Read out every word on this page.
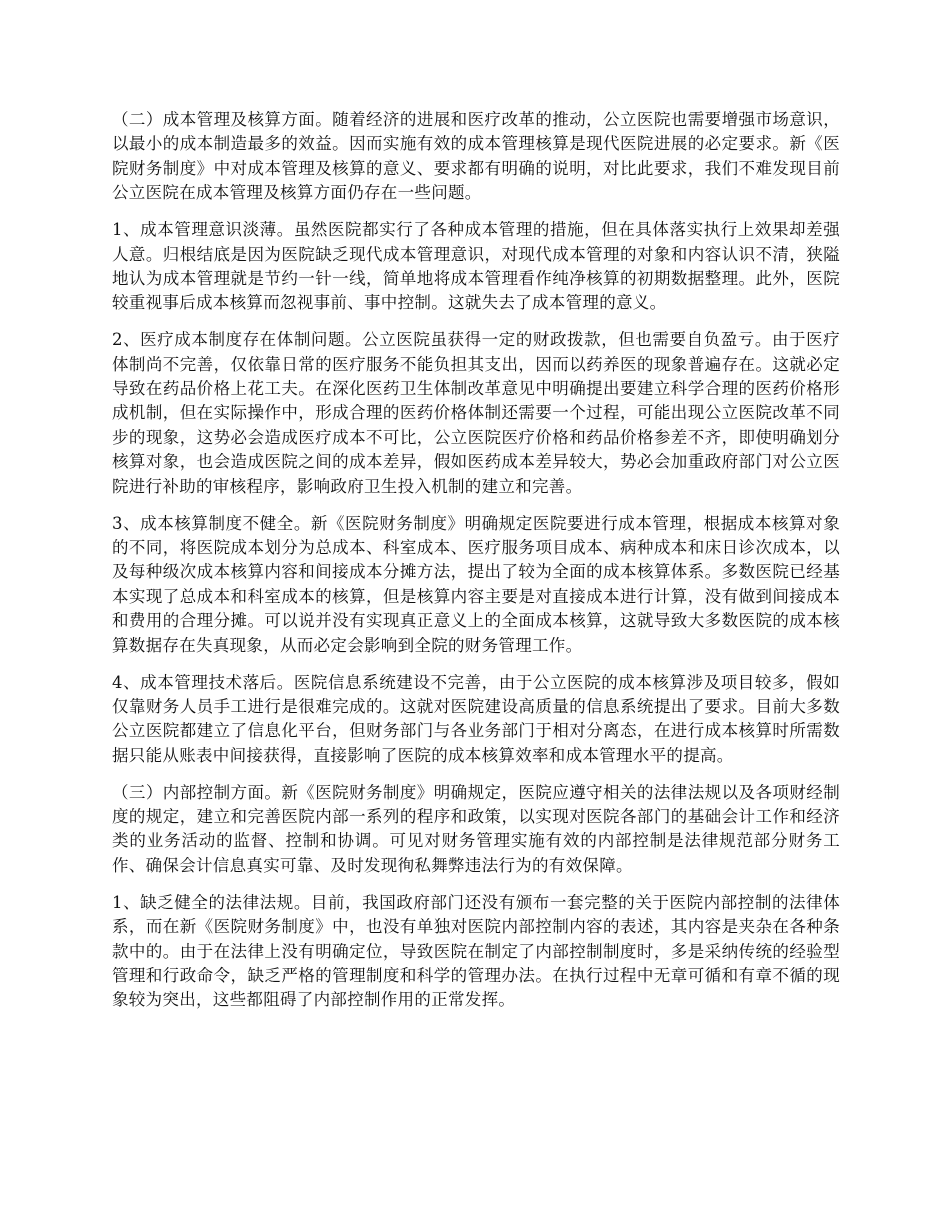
（二）成本管理及核算方面。随着经济的进展和医疗改革的推动，公立医院也需要增强市场意识，以最小的成本制造最多的效益。因而实施有效的成本管理核算是现代医院进展的必定要求。新《医院财务制度》中对成本管理及核算的意义、要求都有明确的说明，对比此要求，我们不难发现目前公立医院在成本管理及核算方面仍存在一些问题。

1、成本管理意识淡薄。虽然医院都实行了各种成本管理的措施，但在具体落实执行上效果却差强人意。归根结底是因为医院缺乏现代成本管理意识，对现代成本管理的对象和内容认识不清，狭隘地认为成本管理就是节约一针一线，简单地将成本管理看作纯净核算的初期数据整理。此外，医院较重视事后成本核算而忽视事前、事中控制。这就失去了成本管理的意义。

2、医疗成本制度存在体制问题。公立医院虽获得一定的财政拨款，但也需要自负盈亏。由于医疗体制尚不完善，仅依靠日常的医疗服务不能负担其支出，因而以药养医的现象普遍存在。这就必定导致在药品价格上花工夫。在深化医药卫生体制改革意见中明确提出要建立科学合理的医药价格形成机制，但在实际操作中，形成合理的医药价格体制还需要一个过程，可能出现公立医院改革不同步的现象，这势必会造成医疗成本不可比，公立医院医疗价格和药品价格参差不齐，即使明确划分核算对象，也会造成医院之间的成本差异，假如医药成本差异较大，势必会加重政府部门对公立医院进行补助的审核程序，影响政府卫生投入机制的建立和完善。

3、成本核算制度不健全。新《医院财务制度》明确规定医院要进行成本管理，根据成本核算对象的不同，将医院成本划分为总成本、科室成本、医疗服务项目成本、病种成本和床日诊次成本，以及每种级次成本核算内容和间接成本分摊方法，提出了较为全面的成本核算体系。多数医院已经基本实现了总成本和科室成本的核算，但是核算内容主要是对直接成本进行计算，没有做到间接成本和费用的合理分摊。可以说并没有实现真正意义上的全面成本核算，这就导致大多数医院的成本核算数据存在失真现象，从而必定会影响到全院的财务管理工作。

4、成本管理技术落后。医院信息系统建设不完善，由于公立医院的成本核算涉及项目较多，假如仅靠财务人员手工进行是很难完成的。这就对医院建设高质量的信息系统提出了要求。目前大多数公立医院都建立了信息化平台，但财务部门与各业务部门于相对分离态，在进行成本核算时所需数据只能从账表中间接获得，直接影响了医院的成本核算效率和成本管理水平的提高。

（三）内部控制方面。新《医院财务制度》明确规定，医院应遵守相关的法律法规以及各项财经制度的规定，建立和完善医院内部一系列的程序和政策，以实现对医院各部门的基础会计工作和经济类的业务活动的监督、控制和协调。可见对财务管理实施有效的内部控制是法律规范部分财务工作、确保会计信息真实可靠、及时发现徇私舞弊违法行为的有效保障。

1、缺乏健全的法律法规。目前，我国政府部门还没有颁布一套完整的关于医院内部控制的法律体系，而在新《医院财务制度》中，也没有单独对医院内部控制内容的表述，其内容是夹杂在各种条款中的。由于在法律上没有明确定位，导致医院在制定了内部控制制度时，多是采纳传统的经验型管理和行政命令，缺乏严格的管理制度和科学的管理办法。在执行过程中无章可循和有章不循的现象较为突出，这些都阻碍了内部控制作用的正常发挥。
